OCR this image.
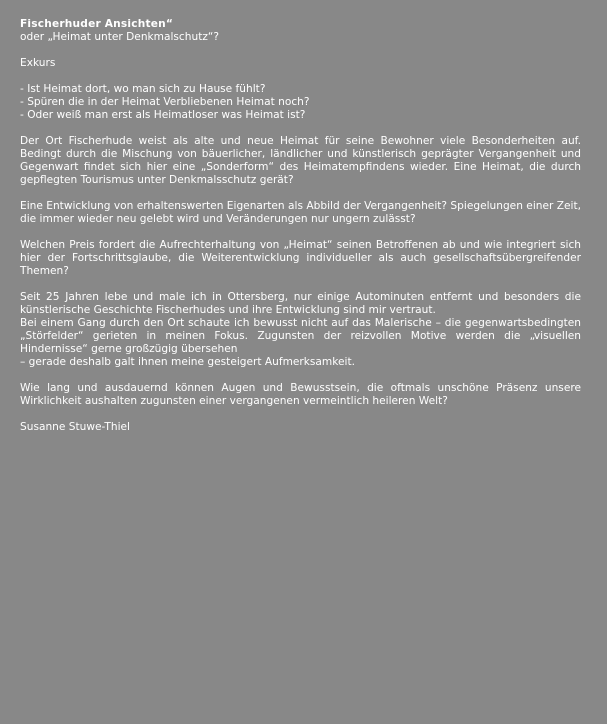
Fischerhuder Ansichten“
oder „Heimat unter Denkmalschutz“?
Exkurs
- Ist Heimat dort, wo man sich zu Hause fühlt?
- Spüren die in der Heimat Verbliebenen Heimat noch?
- Oder weiß man erst als Heimatloser was Heimat ist?

Der Ort Fischerhude weist als alte und neue Heimat für seine Bewohner viele Besonderheiten auf. Bedingt durch die Mischung von bäuerlicher, ländlicher und künstlerisch geprägter Vergangenheit und Gegenwart findet sich hier eine „Sonderform“ des Heimatempfindens wieder. Eine Heimat, die durch gepflegten Tourismus unter Denkmalsschutz gerät?

Eine Entwicklung von erhaltenswerten Eigenarten als Abbild der Vergangenheit? Spiegelungen einer Zeit, die immer wieder neu gelebt wird und Veränderungen nur ungern zulässt?

Welchen Preis fordert die Aufrechterhaltung von „Heimat“ seinen Betroffenen ab und wie integriert sich hier der Fortschrittsglaube, die Weiterentwicklung individueller als auch gesellschaftsübergreifender Themen?

Seit 25 Jahren lebe und male ich in Ottersberg, nur einige Autominuten entfernt und besonders die künstlerische Geschichte Fischerhudes und ihre Entwicklung sind mir vertraut.

Bei einem Gang durch den Ort schaute ich bewusst nicht auf das Malerische – die gegenwartsbedingten „Störfelder“ gerieten in meinen Fokus. Zugunsten der reizvollen Motive werden die „visuellen Hindernisse“ gerne großzügig übersehen

– gerade deshalb galt ihnen meine gesteigert Aufmerksamkeit.

Wie lang und ausdauernd können Augen und Bewusstsein, die oftmals unschöne Präsenz unsere Wirklichkeit aushalten zugunsten einer vergangenen vermeintlich heileren Welt?

Susanne Stuwe-Thiel
